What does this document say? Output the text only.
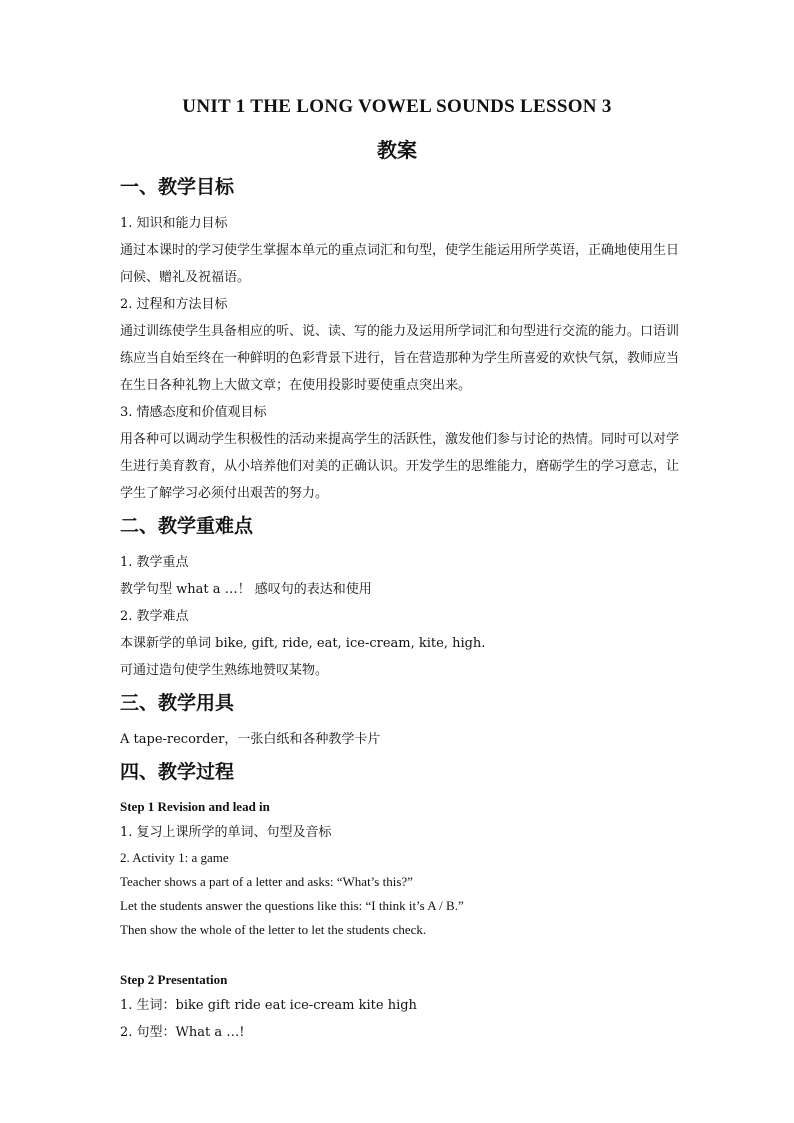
UNIT 1 THE LONG VOWEL SOUNDS LESSON 3
教案
一、教学目标

1. 知识和能力目标

通过本课时的学习使学生掌握本单元的重点词汇和句型，使学生能运用所学英语，正确地使用生日问候、赠礼及祝福语。

2. 过程和方法目标

通过训练使学生具备相应的听、说、读、写的能力及运用所学词汇和句型进行交流的能力。口语训练应当自始至终在一种鲜明的色彩背景下进行，旨在营造那种为学生所喜爱的欢快气氛，教师应当在生日各种礼物上大做文章；在使用投影时要使重点突出来。

3. 情感态度和价值观目标

用各种可以调动学生积极性的活动来提高学生的活跃性，激发他们参与讨论的热情。同时可以对学生进行美育教育，从小培养他们对美的正确认识。开发学生的思维能力，磨砺学生的学习意志，让学生了解学习必须付出艰苦的努力。

二、教学重难点

1. 教学重点

教学句型 what a …！ 感叹句的表达和使用

2. 教学难点

本课新学的单词 bike, gift, ride, eat, ice-cream, kite, high.

可通过造句使学生熟练地赞叹某物。

三、教学用具

A tape-recorder，一张白纸和各种教学卡片

四、教学过程

Step 1 Revision and lead in

1. 复习上课所学的单词、句型及音标

2. Activity 1: a game

Teacher shows a part of a letter and asks: “What’s this?”

Let the students answer the questions like this: “I think it’s A / B.”

Then show the whole of the letter to let the students check.

Step 2 Presentation

1. 生词：bike gift ride eat ice-cream kite high

2. 句型：What a …!
